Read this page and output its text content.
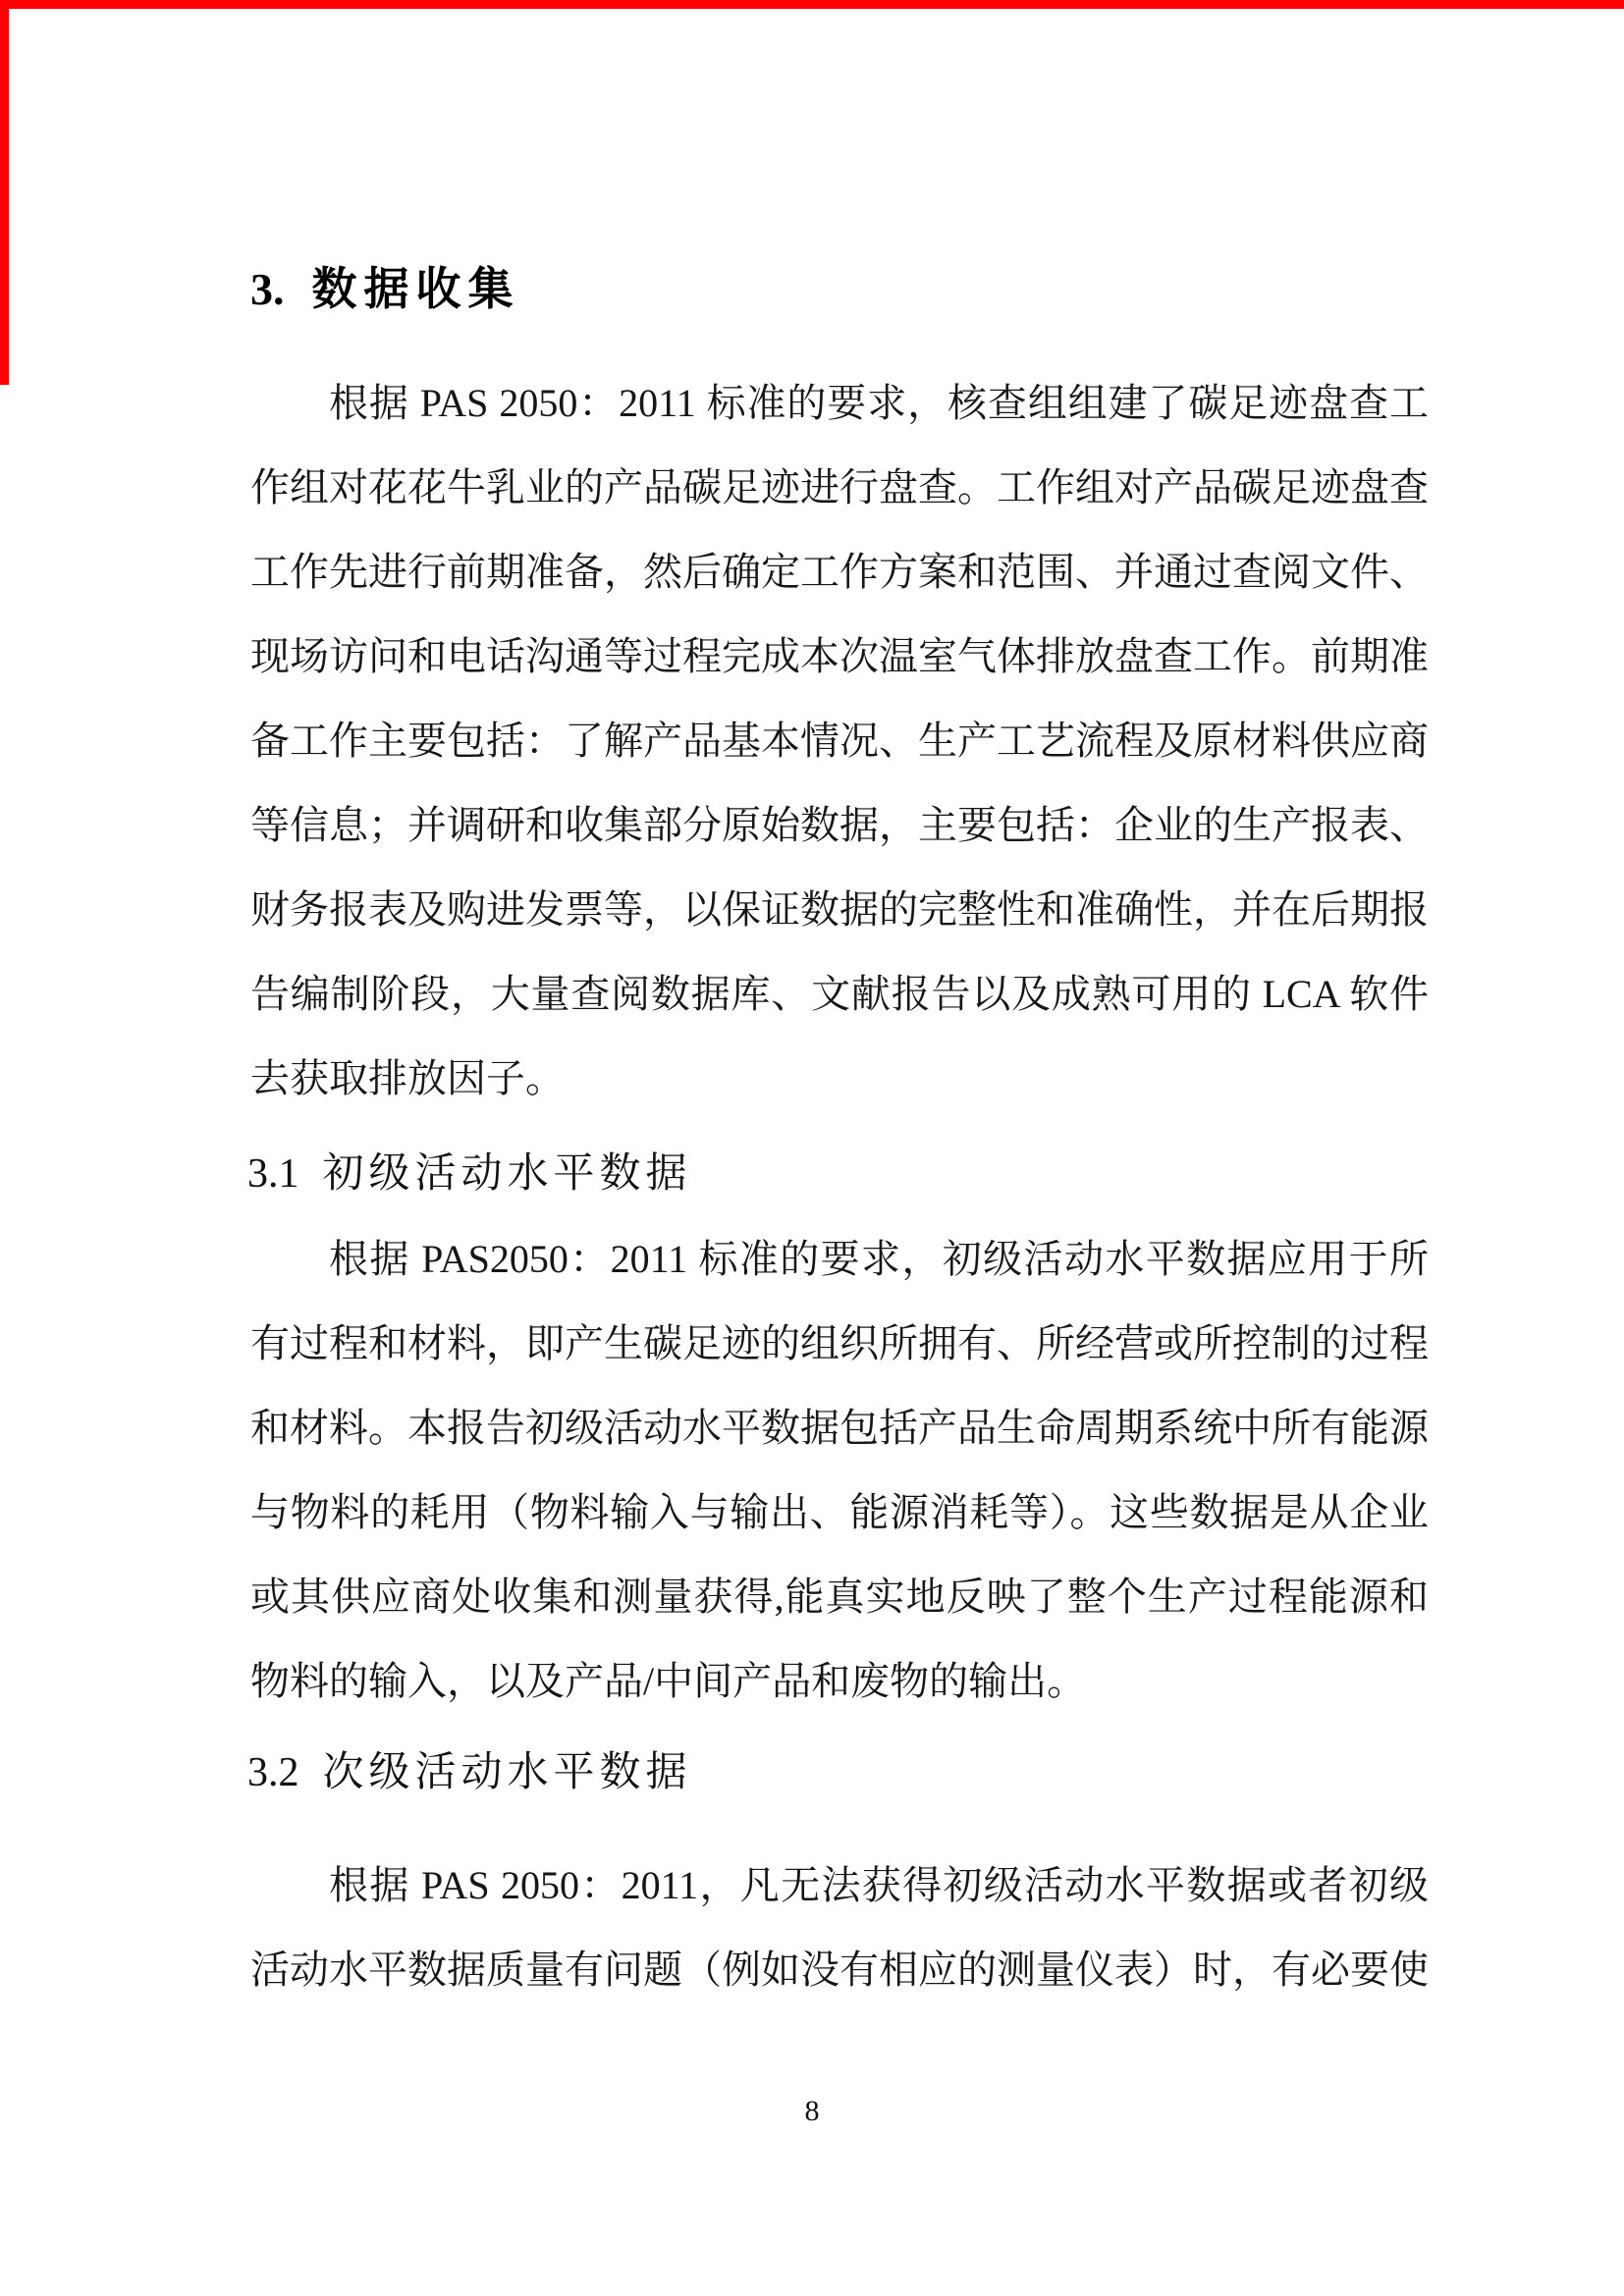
3. 数据收集
根据 PAS 2050：2011 标准的要求，核查组组建了碳足迹盘查工
作组对花花牛乳业的产品碳足迹进行盘查。工作组对产品碳足迹盘查
工作先进行前期准备，然后确定工作方案和范围、并通过查阅文件、
现场访问和电话沟通等过程完成本次温室气体排放盘查工作。前期准
备工作主要包括：了解产品基本情况、生产工艺流程及原材料供应商
等信息；并调研和收集部分原始数据，主要包括：企业的生产报表、
财务报表及购进发票等，以保证数据的完整性和准确性，并在后期报
告编制阶段，大量查阅数据库、文献报告以及成熟可用的 LCA 软件
去获取排放因子。
3.1 初级活动水平数据
根据 PAS2050：2011 标准的要求，初级活动水平数据应用于所
有过程和材料，即产生碳足迹的组织所拥有、所经营或所控制的过程
和材料。本报告初级活动水平数据包括产品生命周期系统中所有能源
与物料的耗用（物料输入与输出、能源消耗等）。这些数据是从企业
或其供应商处收集和测量获得,能真实地反映了整个生产过程能源和
物料的输入，以及产品/中间产品和废物的输出。
3.2 次级活动水平数据
根据 PAS 2050：2011，凡无法获得初级活动水平数据或者初级
活动水平数据质量有问题（例如没有相应的测量仪表）时，有必要使
8
